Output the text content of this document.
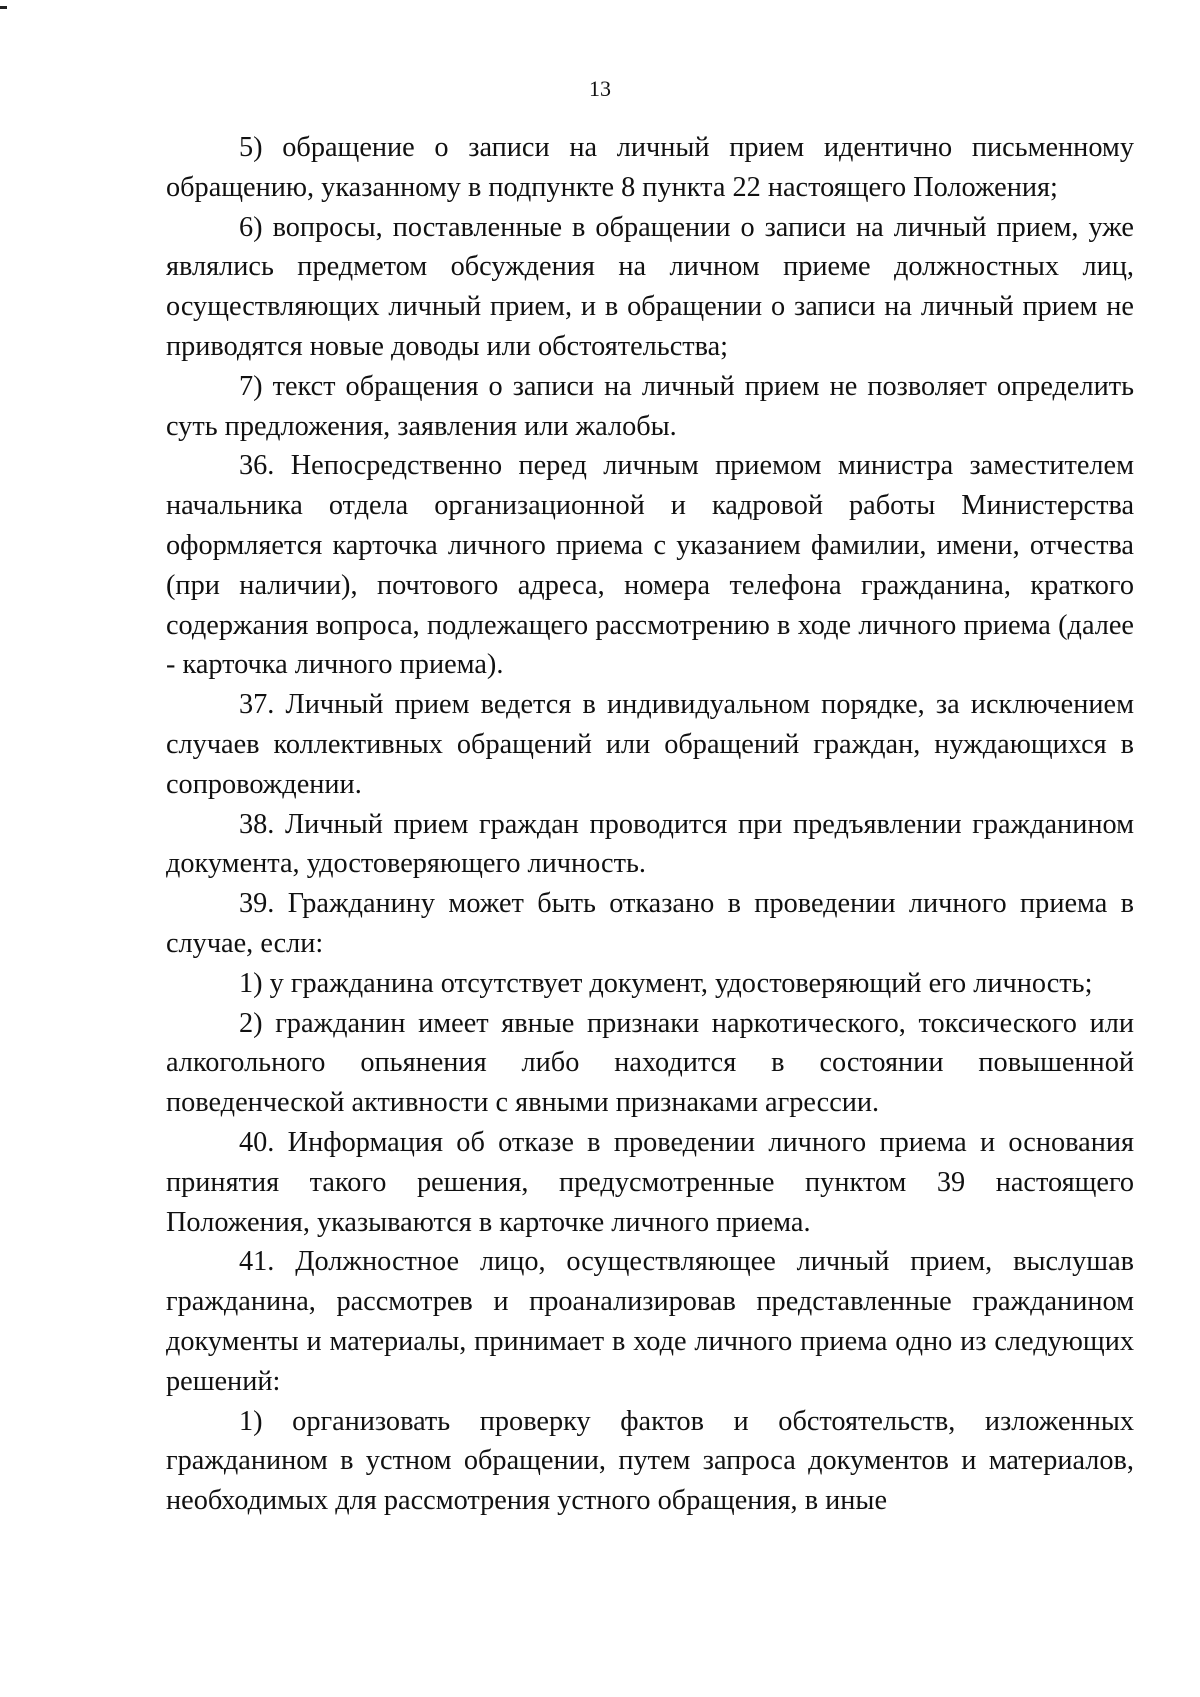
13

5) обращение о записи на личный прием идентично письменному обращению, указанному в подпункте 8 пункта 22 настоящего Положения;

6) вопросы, поставленные в обращении о записи на личный прием, уже являлись предметом обсуждения на личном приеме должностных лиц, осуществляющих личный прием, и в обращении о записи на личный прием не приводятся новые доводы или обстоятельства;

7) текст обращения о записи на личный прием не позволяет определить суть предложения, заявления или жалобы.

36. Непосредственно перед личным приемом министра заместителем начальника отдела организационной и кадровой работы Министерства оформляется карточка личного приема с указанием фамилии, имени, отчества (при наличии), почтового адреса, номера телефона гражданина, краткого содержания вопроса, подлежащего рассмотрению в ходе личного приема (далее - карточка личного приема).

37. Личный прием ведется в индивидуальном порядке, за исключением случаев коллективных обращений или обращений граждан, нуждающихся в сопровождении.

38. Личный прием граждан проводится при предъявлении гражданином документа, удостоверяющего личность.

39. Гражданину может быть отказано в проведении личного приема в случае, если:

1) у гражданина отсутствует документ, удостоверяющий его личность;

2) гражданин имеет явные признаки наркотического, токсического или алкогольного опьянения либо находится в состоянии повышенной поведенческой активности с явными признаками агрессии.

40. Информация об отказе в проведении личного приема и основания принятия такого решения, предусмотренные пунктом 39 настоящего Положения, указываются в карточке личного приема.

41. Должностное лицо, осуществляющее личный прием, выслушав гражданина, рассмотрев и проанализировав представленные гражданином документы и материалы, принимает в ходе личного приема одно из следующих решений:

1) организовать проверку фактов и обстоятельств, изложенных гражданином в устном обращении, путем запроса документов и материалов, необходимых для рассмотрения устного обращения, в иные
